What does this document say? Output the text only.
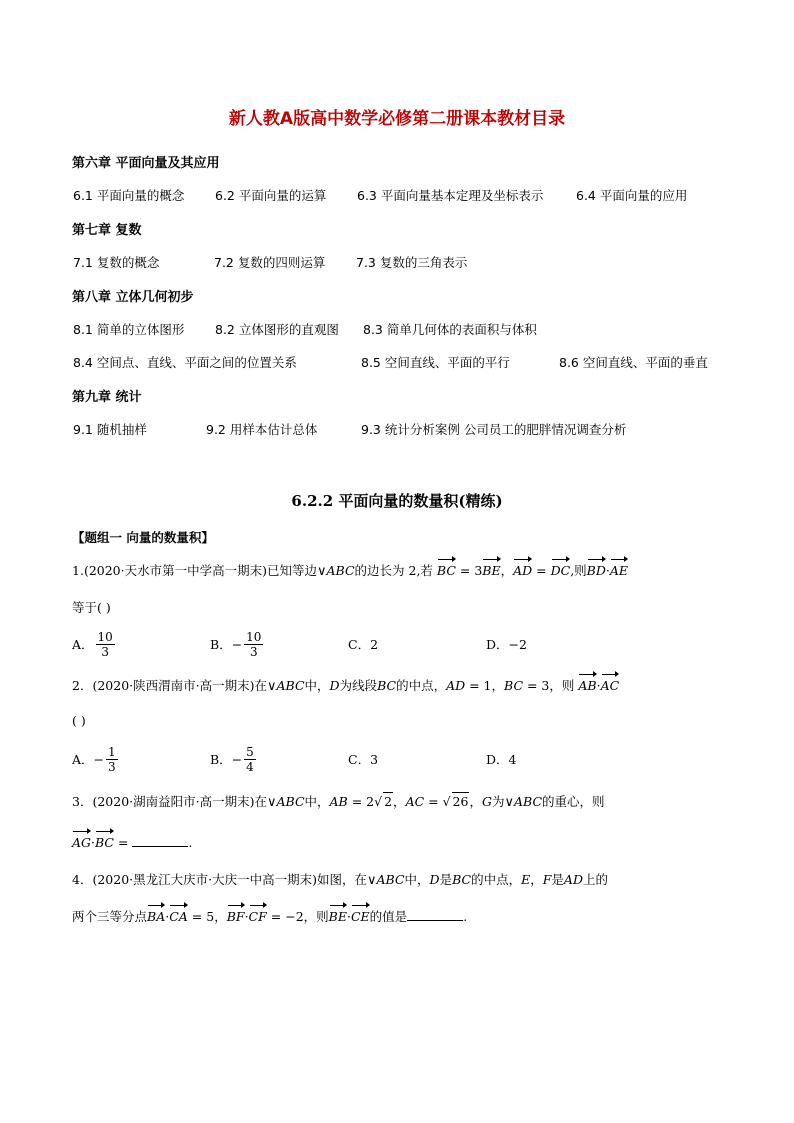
新人教A版高中数学必修第二册课本教材目录
第六章 平面向量及其应用
6.1 平面向量的概念 6.2 平面向量的运算 6.3 平面向量基本定理及坐标表示	6.4 平面向量的应用
第七章 复数
7.1 复数的概念	7.2 复数的四则运算 7.3 复数的三角表示
第八章 立体几何初步
8.1 简单的立体图形 8.2 立体图形的直观图 8.3 简单几何体的表面积与体积
8.4 空间点、直线、平面之间的位置关系	8.5 空间直线、平面的平行	8.6 空间直线、平面的垂直
第九章 统计
9.1 随机抽样	9.2 用样本估计总体	9.3 统计分析案例 公司员工的肥胖情况调查分析
6.2.2 平面向量的数量积(精练)
【题组一 向量的数量积】
1.(2020·天水市第一中学高一期末)已知等边∨ABC的边长为 2,若 BC = 3BE，AD = DC,则BD·AE
等于( )
A． $\frac{10}{3}$	B． − $\frac{10}{3}$	C． 2	D． −2
2．(2020·陕西渭南市·高一期末)在∨ABC中，D为线段BC的中点，AD = 1，BC = 3，则 AB·AC
( )
A． − $\frac{1}{3}$	B． − $\frac{5}{4}$	C． 3	D． 4
3．(2020·湖南益阳市·高一期末)在∨ABC中，AB = 2√ 2，AC = √ 26，G为∨ABC的重心，则
AG·BC =	.
4．(2020·黑龙江大庆市·大庆一中高一期末)如图，在∨ABC中，D是BC的中点，E，F是AD上的
两个三等分点BA·CA = 5，BF·CF = −2，则BE·CE的值是	.
